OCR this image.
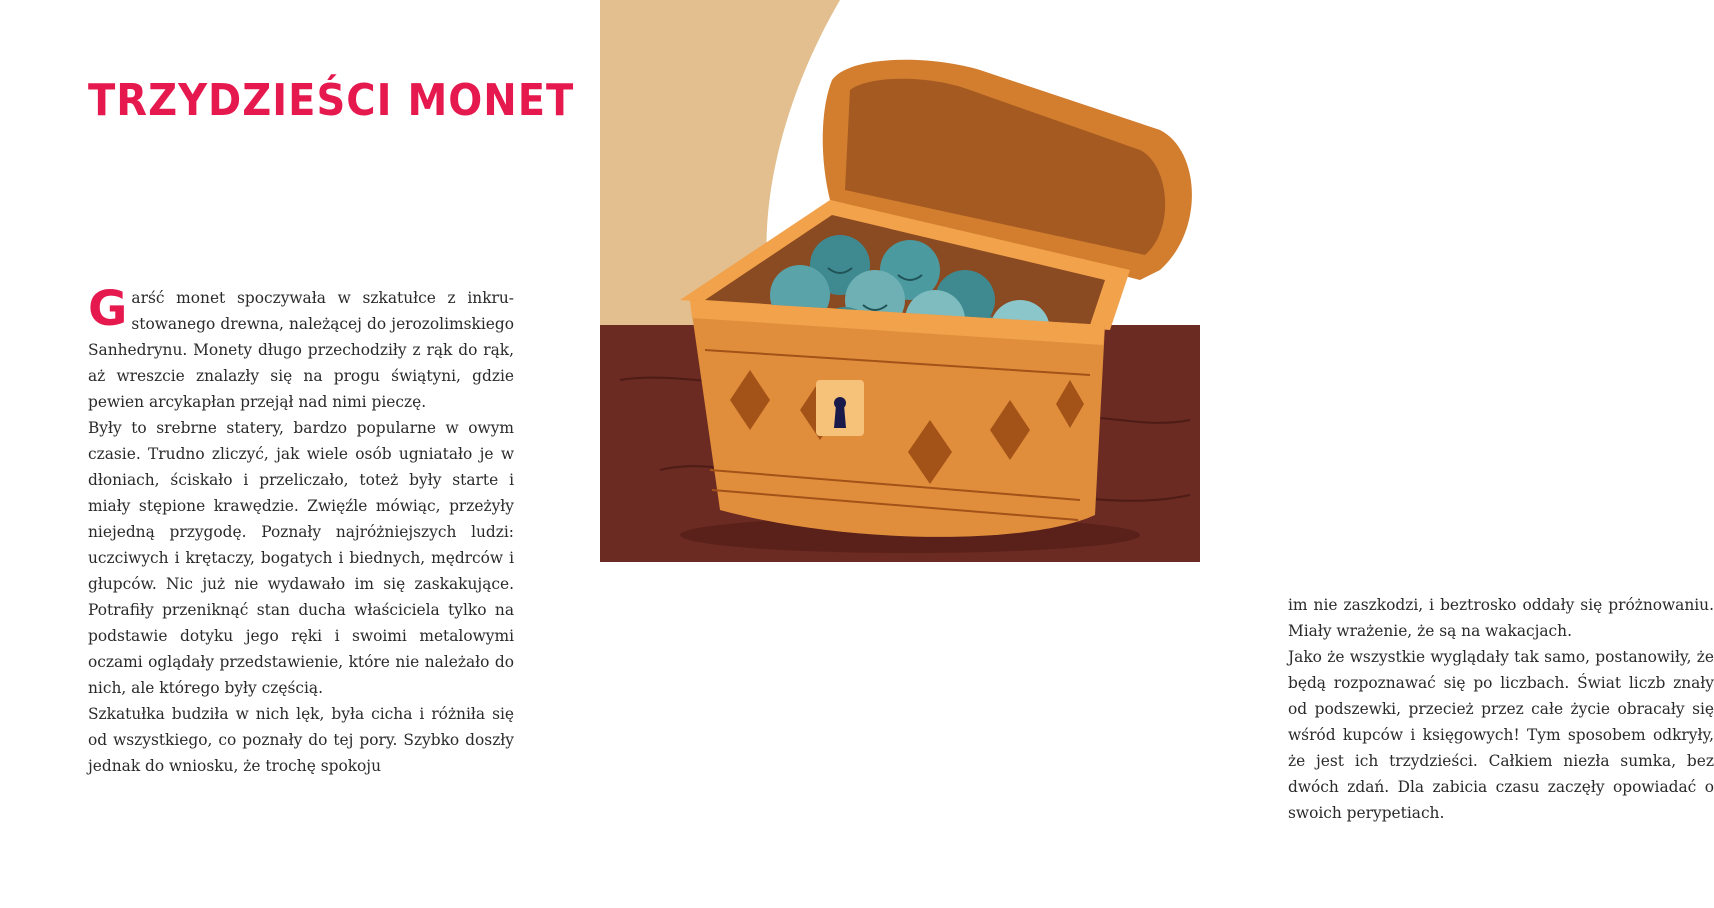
TRZYDZIEŚCI MONET

Garść monet spoczywała w szkatułce z inkrustowanego drewna, należącej do jerozolimskiego Sanhedrynu. Monety długo przechodziły z rąk do rąk, aż wreszcie znalazły się na progu świątyni, gdzie pewien arcykapłan przejął nad nimi pieczę.

Były to srebrne statery, bardzo popularne w owym czasie. Trudno zliczyć, jak wiele osób ugniatało je w dłoniach, ściskało i przeliczało, toteż były starte i miały stępione krawędzie. Zwięźle mówiąc, przeżyły niejedną przygodę. Poznały najróżniejszych ludzi: uczciwych i krętaczy, bogatych i biednych, mędrców i głupców. Nic już nie wydawało im się zaskakujące. Potrafiły przeniknąć stan ducha właściciela tylko na podstawie dotyku jego ręki i swoimi metalowymi oczami oglądały przedstawienie, które nie należało do nich, ale którego były częścią.

Szkatułka budziła w nich lęk, była cicha i różniła się od wszystkiego, co poznały do tej pory. Szybko doszły jednak do wniosku, że trochę spokoju

im nie zaszkodzi, i beztrosko oddały się próżnowaniu. Miały wrażenie, że są na wakacjach.

Jako że wszystkie wyglądały tak samo, postanowiły, że będą rozpoznawać się po liczbach. Świat liczb znały od podszewki, przecież przez całe życie obracały się wśród kupców i księgowych! Tym sposobem odkryły, że jest ich trzydzieści. Całkiem niezła sumka, bez dwóch zdań. Dla zabicia czasu zaczęły opowiadać o swoich perypetiach.
